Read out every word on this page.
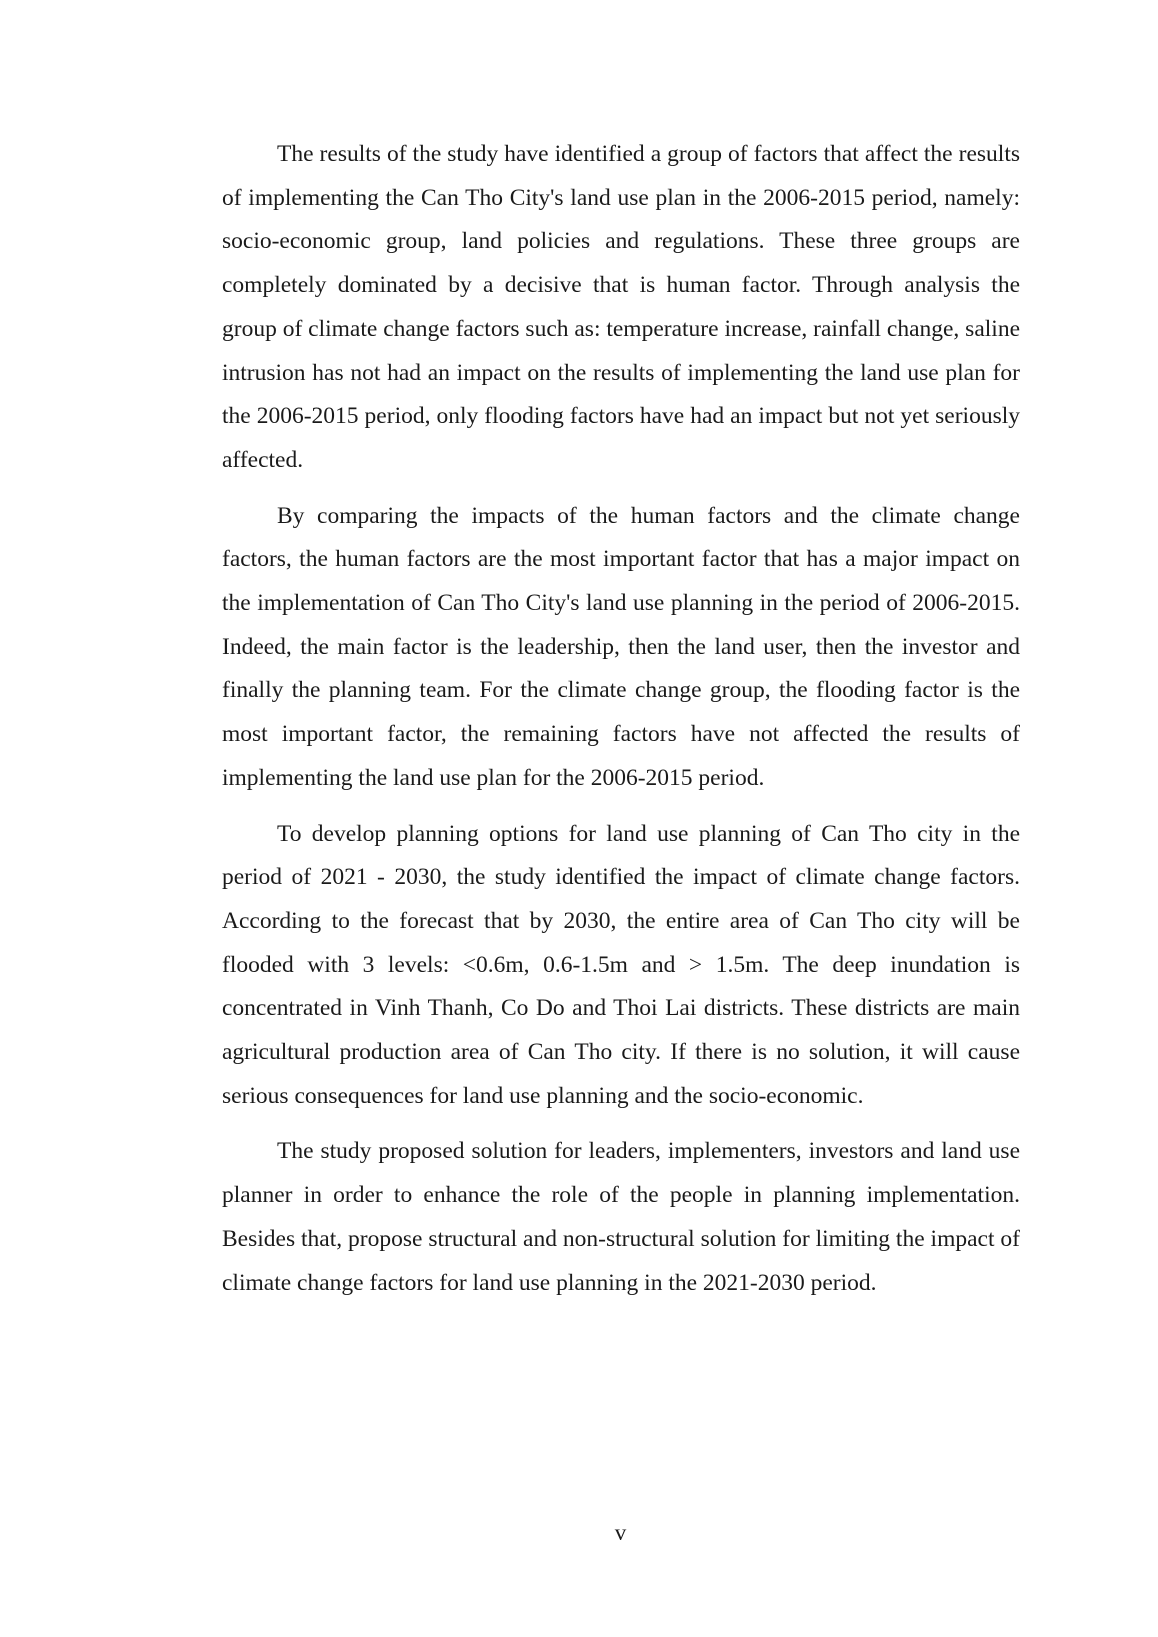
The results of the study have identified a group of factors that affect the results of implementing the Can Tho City's land use plan in the 2006-2015 period, namely: socio-economic group, land policies and regulations. These three groups are completely dominated by a decisive that is human factor. Through analysis the group of climate change factors such as: temperature increase, rainfall change, saline intrusion has not had an impact on the results of implementing the land use plan for the 2006-2015 period, only flooding factors have had an impact but not yet seriously affected.

By comparing the impacts of the human factors and the climate change factors, the human factors are the most important factor that has a major impact on the implementation of Can Tho City's land use planning in the period of 2006-2015. Indeed, the main factor is the leadership, then the land user, then the investor and finally the planning team. For the climate change group, the flooding factor is the most important factor, the remaining factors have not affected the results of implementing the land use plan for the 2006-2015 period.

To develop planning options for land use planning of Can Tho city in the period of 2021 - 2030, the study identified the impact of climate change factors. According to the forecast that by 2030, the entire area of Can Tho city will be flooded with 3 levels: <0.6m, 0.6-1.5m and > 1.5m. The deep inundation is concentrated in Vinh Thanh, Co Do and Thoi Lai districts. These districts are main agricultural production area of Can Tho city. If there is no solution, it will cause serious consequences for land use planning and the socio-economic.

The study proposed solution for leaders, implementers, investors and land use planner in order to enhance the role of the people in planning implementation. Besides that, propose structural and non-structural solution for limiting the impact of climate change factors for land use planning in the 2021-2030 period.

v
